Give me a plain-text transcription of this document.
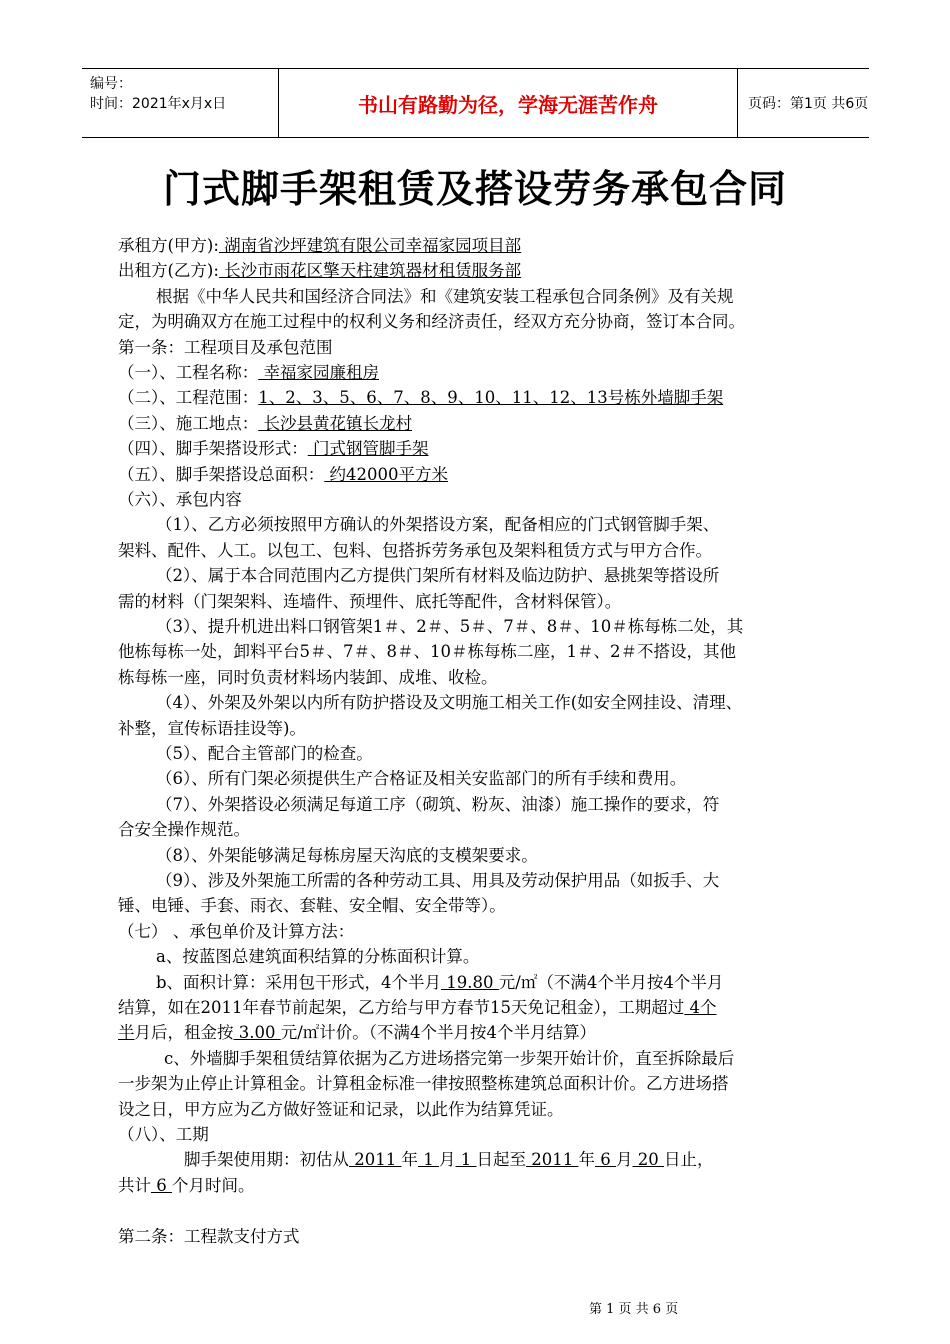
编号：
时间：2021年x月x日	书山有路勤为径，学海无涯苦作舟	页码：第1页 共6页
门式脚手架租赁及搭设劳务承包合同
承租方(甲方): 湖南省沙坪建筑有限公司幸福家园项目部
出租方(乙方): 长沙市雨花区擎天柱建筑器材租赁服务部
根据《中华人民共和国经济合同法》和《建筑安装工程承包合同条例》及有关规
定，为明确双方在施工过程中的权利义务和经济责任，经双方充分协商，签订本合同。
第一条：工程项目及承包范围
（一）、工程名称： 幸福家园廉租房
（二）、工程范围：1、2、3、5、6、7、8、9、10、11、12、13号栋外墙脚手架
（三）、施工地点： 长沙县黄花镇长龙村
（四）、脚手架搭设形式： 门式钢管脚手架
（五）、脚手架搭设总面积： 约42000平方米
（六）、承包内容
（1）、乙方必须按照甲方确认的外架搭设方案，配备相应的门式钢管脚手架、
架料、配件、人工。以包工、包料、包搭拆劳务承包及架料租赁方式与甲方合作。
（2）、属于本合同范围内乙方提供门架所有材料及临边防护、悬挑架等搭设所
需的材料（门架架料、连墙件、预埋件、底托等配件，含材料保管）。
（3）、提升机进出料口钢管架1＃、2＃、5＃、7＃、8＃、10＃栋每栋二处，其
他栋每栋一处，卸料平台5＃、7＃、8＃、10＃栋每栋二座，1＃、2＃不搭设，其他
栋每栋一座，同时负责材料场内装卸、成堆、收检。
（4）、外架及外架以内所有防护搭设及文明施工相关工作(如安全网挂设、清理、
补整，宣传标语挂设等)。
（5）、配合主管部门的检查。
（6）、所有门架必须提供生产合格证及相关安监部门的所有手续和费用。
（7）、外架搭设必须满足每道工序（砌筑、粉灰、油漆）施工操作的要求，符
合安全操作规范。
（8）、外架能够满足每栋房屋天沟底的支模架要求。
（9）、涉及外架施工所需的各种劳动工具、用具及劳动保护用品（如扳手、大
锤、电锤、手套、雨衣、套鞋、安全帽、安全带等）。
（七） 、承包单价及计算方法：
a、按蓝图总建筑面积结算的分栋面积计算。
b、面积计算：采用包干形式，4个半月 19.80 元/㎡（不满4个半月按4个半月
结算，如在2011年春节前起架，乙方给与甲方春节15天免记租金），工期超过 4个
半月后，租金按 3.00 元/㎡计价。（不满4个半月按4个半月结算）
c、外墙脚手架租赁结算依据为乙方进场搭完第一步架开始计价，直至拆除最后
一步架为止停止计算租金。计算租金标准一律按照整栋建筑总面积计价。乙方进场搭
设之日，甲方应为乙方做好签证和记录，以此作为结算凭证。
（八）、工期
脚手架使用期：初估从 2011 年 1 月 1 日起至 2011 年 6 月 20 日止，
共计 6 个月时间。
第二条：工程款支付方式
第 1 页 共 6 页
